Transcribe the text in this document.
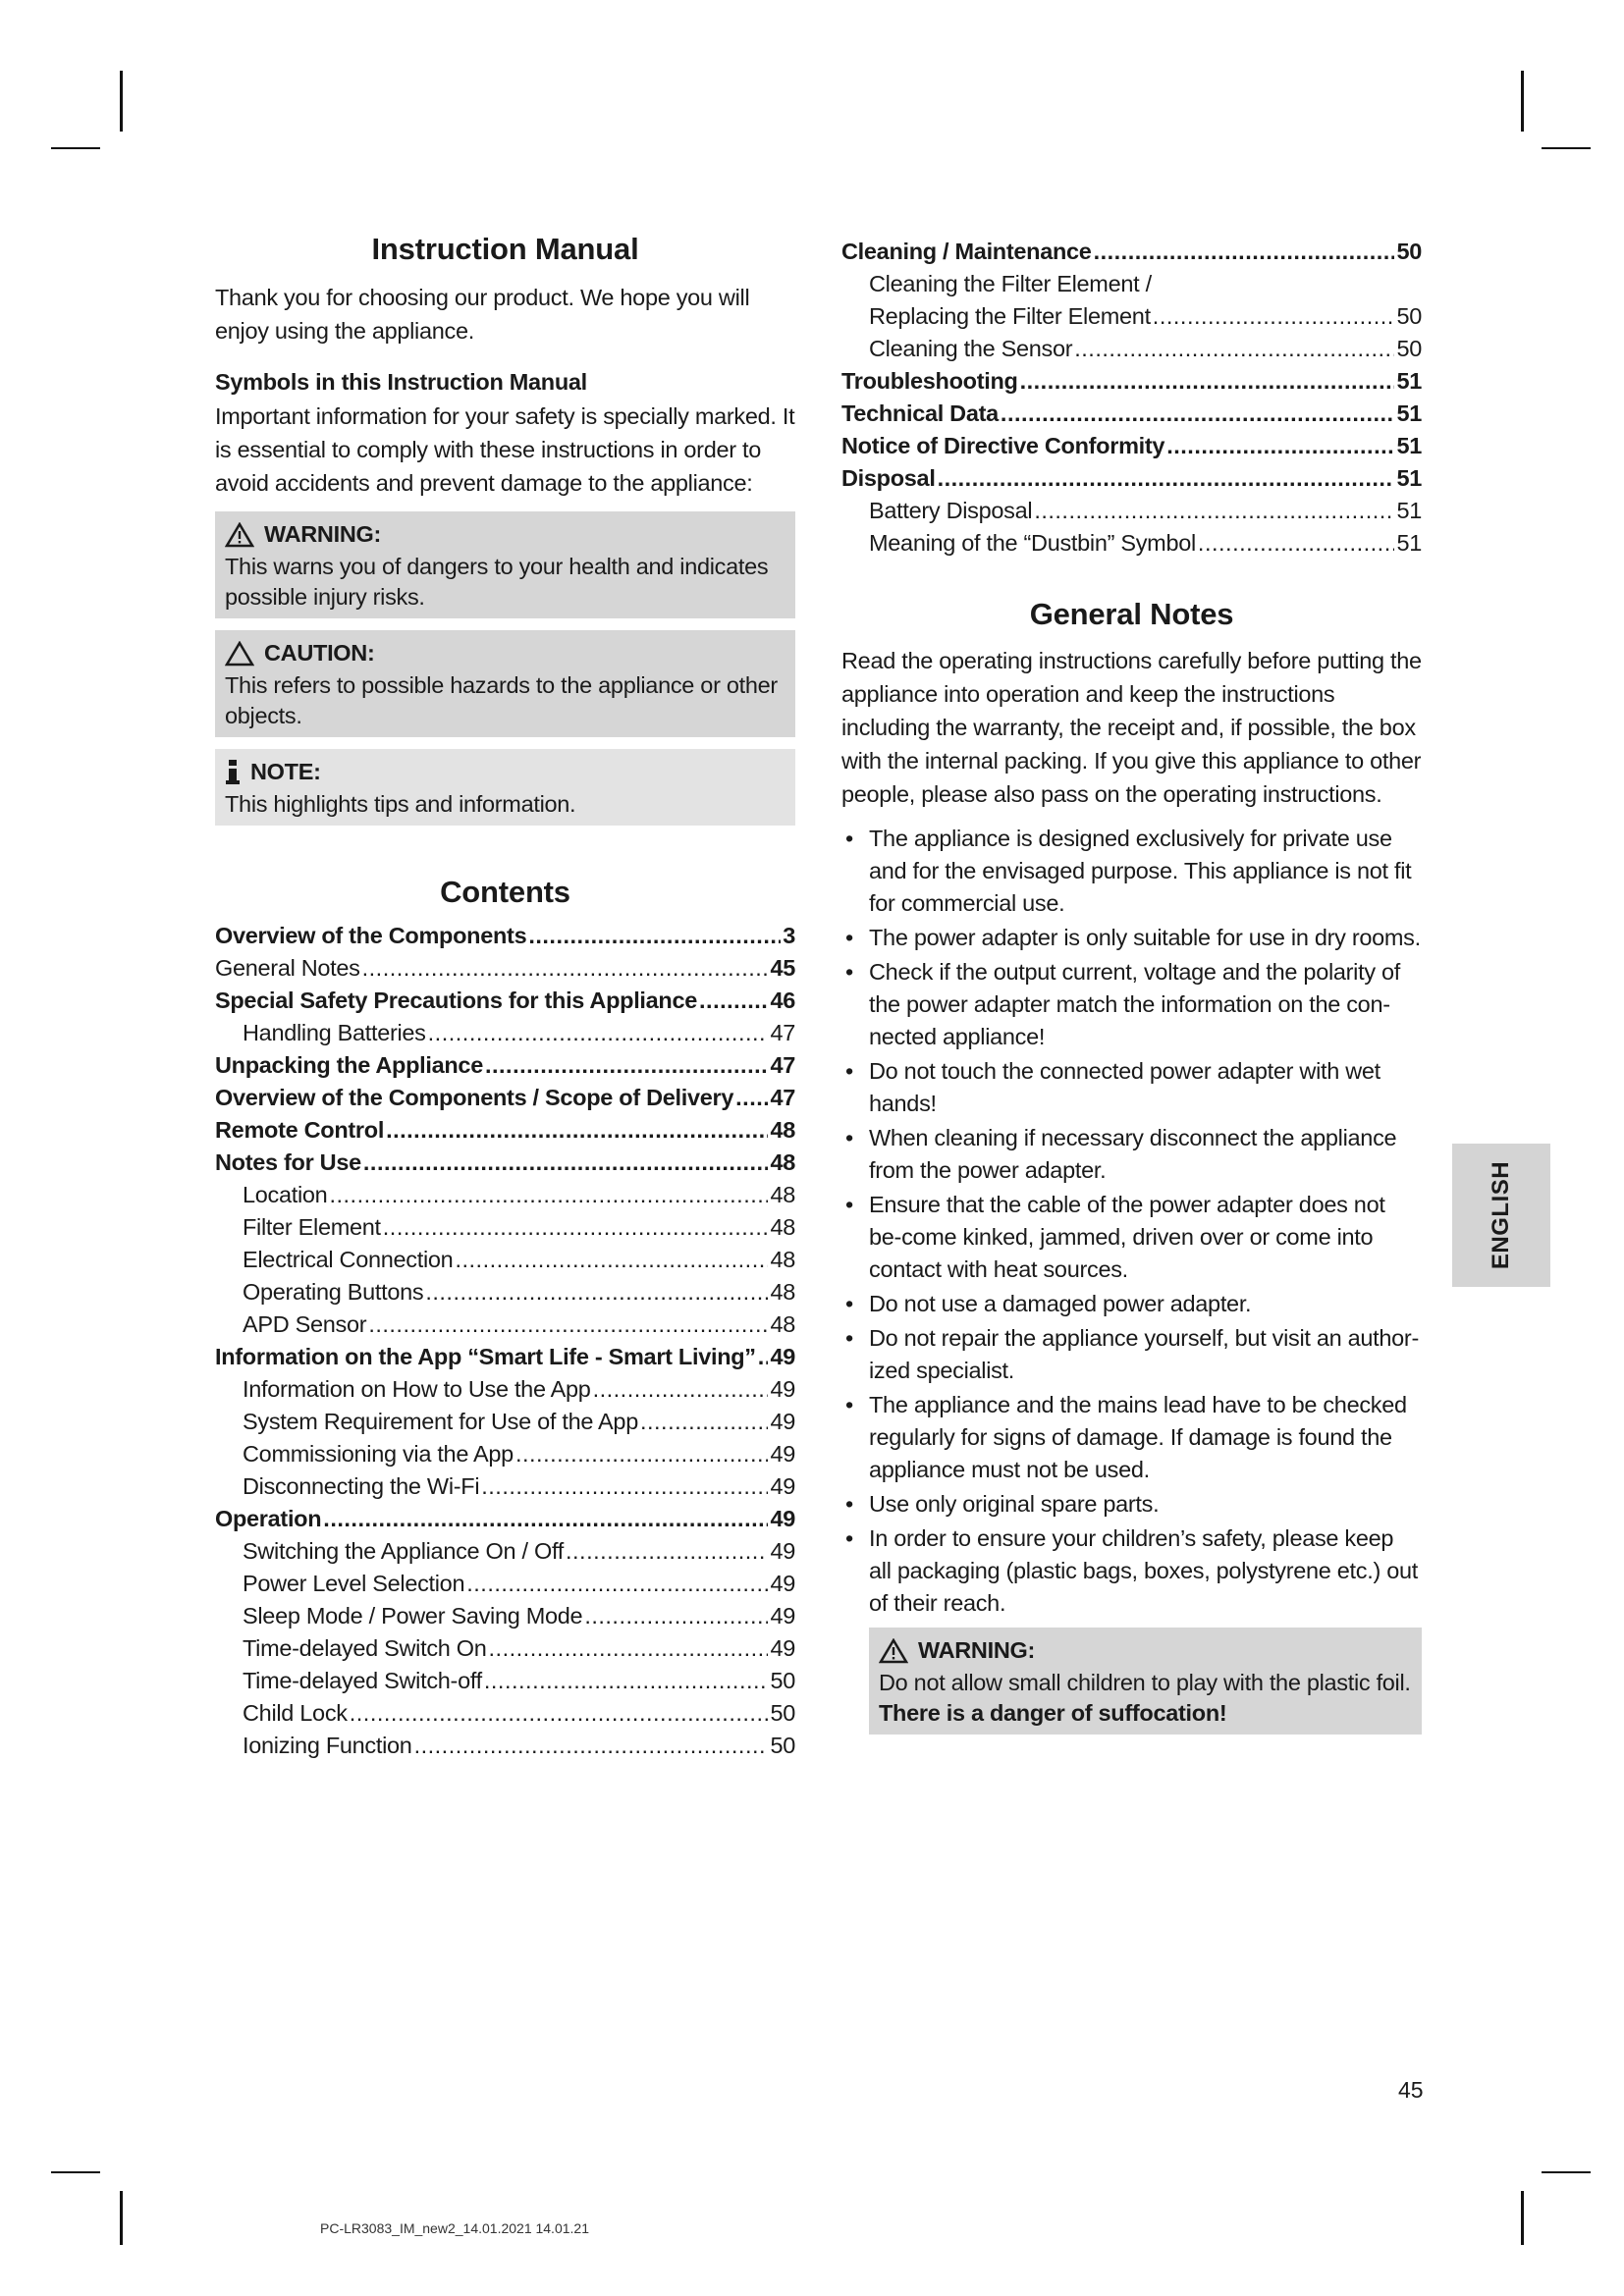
Instruction Manual

Thank you for choosing our product. We hope you will enjoy using the appliance.

Symbols in this Instruction Manual

Important information for your safety is specially marked. It is essential to comply with these instructions in order to avoid accidents and prevent damage to the appliance:

WARNING:

This warns you of dangers to your health and indicates possible injury risks.

CAUTION:

This refers to possible hazards to the appliance or other objects.

NOTE:

This highlights tips and information.

Contents
Overview of the Components .....	3
General Notes .....	45
Special Safety Precautions for this Appliance .....	46
Handling Batteries .....	47
Unpacking the Appliance .....	47
Overview of the Components / Scope of Delivery ..... 47
Remote Control .....	48
Notes for Use .....	48
Location .....	48
Filter Element .....	48
Electrical Connection .....	48
Operating Buttons .....	48
APD Sensor .....	48
Information on the App “Smart Life - Smart Living” ..... 49
Information on How to Use the App .....	49
System Requirement for Use of the App .....	49
Commissioning via the App .....	49
Disconnecting the Wi-Fi .....	49
Operation .....	49
Switching the Appliance On / Off .....	49
Power Level Selection .....	49
Sleep Mode / Power Saving Mode .....	49
Time-delayed Switch On .....	49
Time-delayed Switch-off .....	50
Child Lock .....	50
Ionizing Function .....	50
Cleaning / Maintenance .....	50
Cleaning the Filter Element /
Replacing the Filter Element .....	50
Cleaning the Sensor .....	50
Troubleshooting .....	51
Technical Data .....	51
Notice of Directive Conformity .....	51
Disposal .....	51
Battery Disposal .....	51
Meaning of the “Dustbin” Symbol .....	51
General Notes

Read the operating instructions carefully before putting the appliance into operation and keep the instructions including the warranty, the receipt and, if possible, the box with the internal packing. If you give this appliance to other people, please also pass on the operating instructions.

• The appliance is designed exclusively for private use and for the envisaged purpose. This appliance is not fit for commercial use.
• The power adapter is only suitable for use in dry rooms.
• Check if the output current, voltage and the polarity of the power adapter match the information on the con-nected appliance!
• Do not touch the connected power adapter with wet hands!
• When cleaning if necessary disconnect the appliance from the power adapter.
• Ensure that the cable of the power adapter does not be-come kinked, jammed, driven over or come into contact with heat sources.
• Do not use a damaged power adapter.
• Do not repair the appliance yourself, but visit an author-ized specialist.
• The appliance and the mains lead have to be checked regularly for signs of damage. If damage is found the appliance must not be used.
• Use only original spare parts.
• In order to ensure your children’s safety, please keep all packaging (plastic bags, boxes, polystyrene etc.) out of their reach.
WARNING:

Do not allow small children to play with the plastic foil.

There is a danger of suffocation!

ENGLISH
45
PC-LR3083_IM_new2_14.01.2021 14.01.21
